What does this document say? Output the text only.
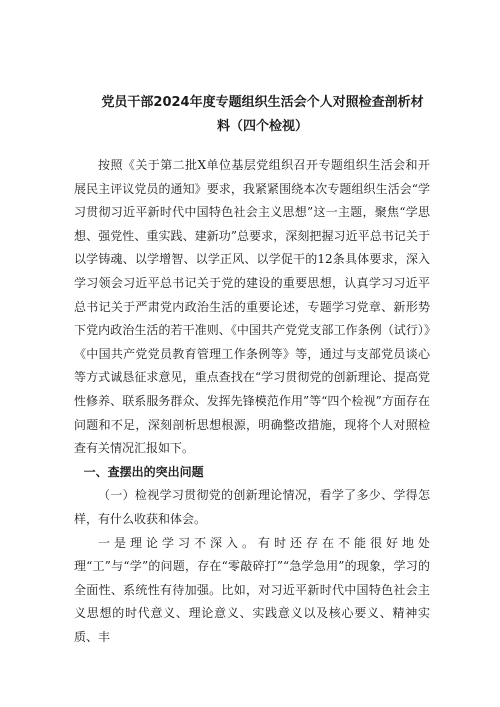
党员干部2024年度专题组织生活会个人对照检查剖析材料（四个检视）

按照《关于第二批X单位基层党组织召开专题组织生活会和开展民主评议党员的通知》要求，我紧紧围绕本次专题组织生活会“学习贯彻习近平新时代中国特色社会主义思想”这一主题，聚焦“学思想、强党性、重实践、建新功”总要求，深刻把握习近平总书记关于以学铸魂、以学增智、以学正风、以学促干的12条具体要求，深入学习领会习近平总书记关于党的建设的重要思想，认真学习习近平总书记关于严肃党内政治生活的重要论述，专题学习党章、新形势下党内政治生活的若干准则、《中国共产党党支部工作条例（试行）》《中国共产党党员教育管理工作条例等》等，通过与支部党员谈心等方式诚恳征求意见，重点查找在“学习贯彻党的创新理论、提高党性修养、联系服务群众、发挥先锋模范作用”等“四个检视”方面存在问题和不足，深刻剖析思想根源，明确整改措施，现将个人对照检查有关情况汇报如下。

一、查摆出的突出问题

（一）检视学习贯彻党的创新理论情况，看学了多少、学得怎样，有什么收获和体会。

一是理论学习不深入。有时还存在不能很好地处理“工”与“学”的问题，存在“零敲碎打”“急学急用”的现象，学习的全面性、系统性有待加强。比如，对习近平新时代中国特色社会主义思想的时代意义、理论意义、实践意义以及核心要义、精神实质、丰
